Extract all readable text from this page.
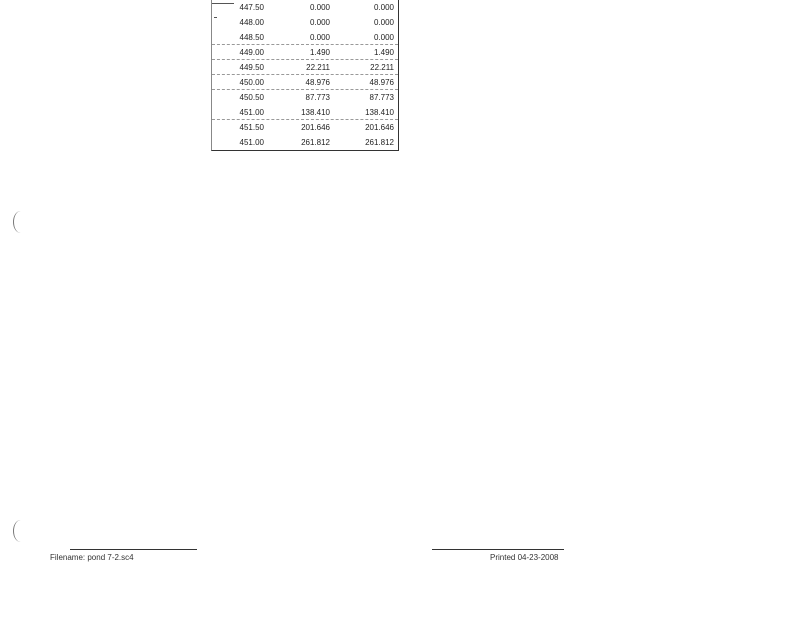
447.50	0.000	0.000
448.00	0.000	0.000
448.50	0.000	0.000
449.00	1.490	1.490
449.50	22.211	22.211
450.00	48.976	48.976
450.50	87.773	87.773
451.00	138.410	138.410
451.50	201.646	201.646
451.00	261.812	261.812
Filename: pond 7-2.sc4	Printed 04-23-2008
